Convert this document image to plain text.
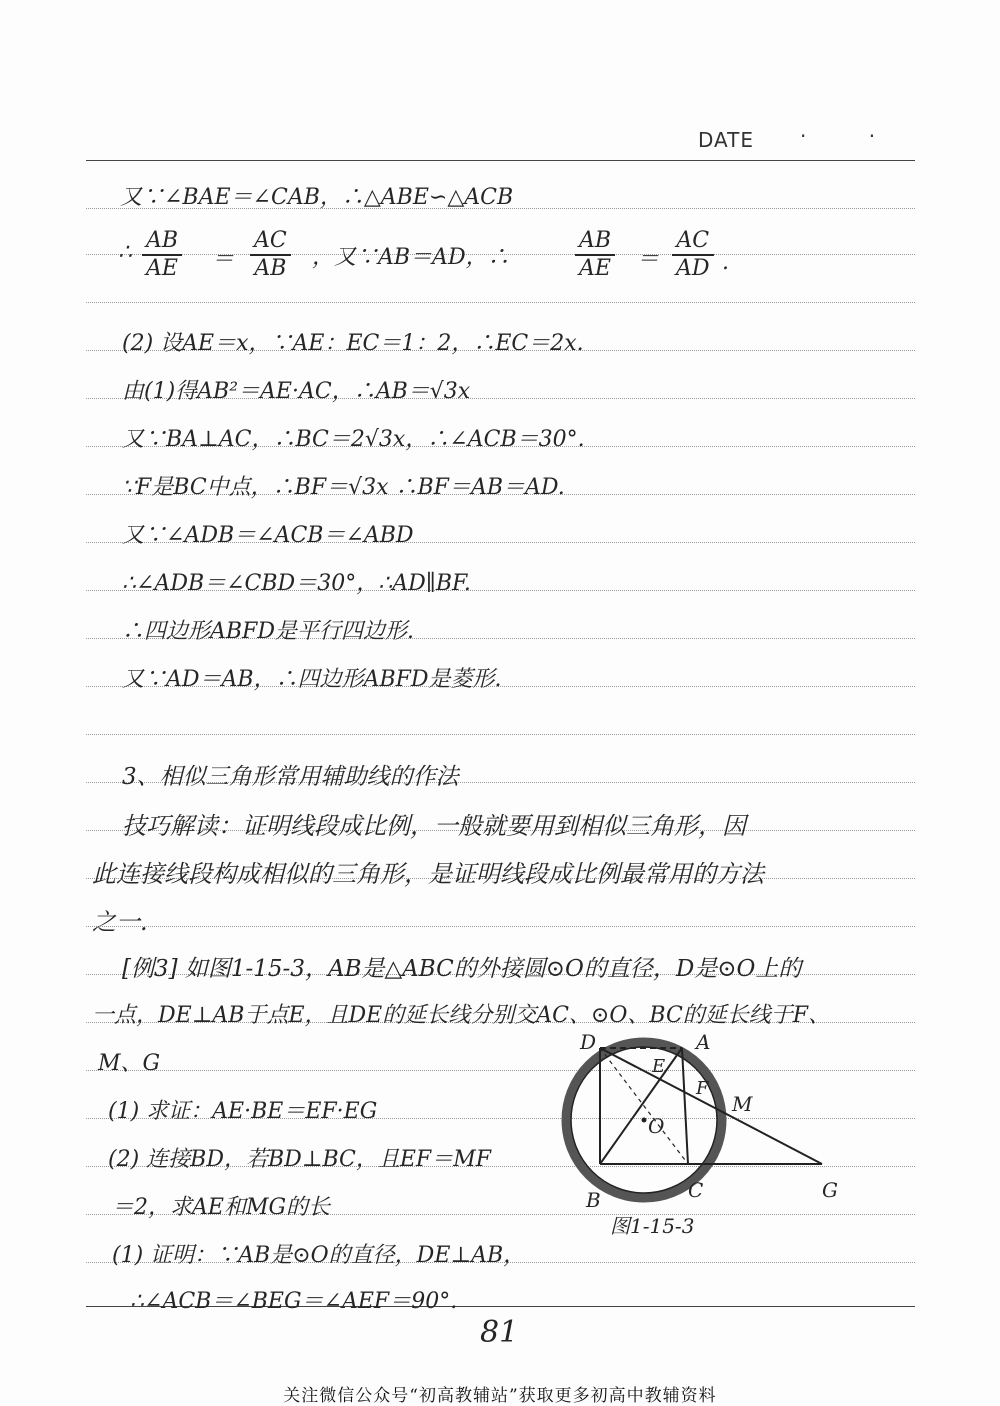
DATE · ·
又∵∠BAE＝∠CAB，∴△ABE∽△ACB
∴ $\frac{AB}{AE} = \frac{AC}{AB}$ ，又∵AB＝AD，∴	$\frac{AB}{AE} = \frac{AC}{AD}$ .
(2) 设AE＝x，∵AE：EC＝1：2，∴EC＝2x.
由(1)得AB²＝AE·AC，∴AB＝√3x
又∵BA⊥AC，∴BC＝2√3x，∴∠ACB＝30°.
∵F是BC中点，∴BF＝√3x ∴BF＝AB＝AD.
又∵∠ADB＝∠ACB＝∠ABD
∴∠ADB＝∠CBD＝30°，∴AD∥BF.
∴四边形ABFD是平行四边形.
又∵AD＝AB，∴四边形ABFD是菱形.
3、相似三角形常用辅助线的作法
技巧解读：证明线段成比例，一般就要用到相似三角形，因
此连接线段构成相似的三角形，是证明线段成比例最常用的方法
之一.
[例3] 如图1-15-3，AB是△ABC的外接圆⊙O的直径，D是⊙O上的
一点，DE⊥AB于点E，且DE的延长线分别交AC、⊙O、BC的延长线于F、
M、G
(1) 求证：AE·BE＝EF·EG
(2) 连接BD，若BD⊥BC，且EF＝MF
＝2，求AE和MG的长
(1) 证明：∵AB是⊙O的直径，DE⊥AB，
∴∠ACB＝∠BEG＝∠AEF＝90°.
D	A
E
F
M
O
B	C	G
图1-15-3
81
关注微信公众号“初高教辅站”获取更多初高中教辅资料
